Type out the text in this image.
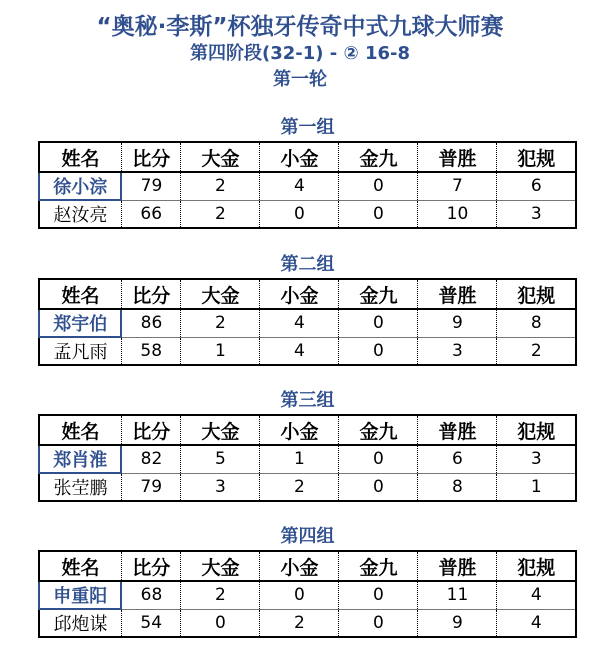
“奥秘·李斯”杯独牙传奇中式九球大师赛
第四阶段(32-1) - ② 16-8
第一轮
第一组
姓名	比分	大金	小金	金九	普胜	犯规
徐小淙	79	2	4	0	7	6
赵汝亮	66	2	0	0	10	3
第二组
姓名	比分	大金	小金	金九	普胜	犯规
郑宇伯	86	2	4	0	9	8
孟凡雨	58	1	4	0	3	2
第三组
姓名	比分	大金	小金	金九	普胜	犯规
郑肖淮	82	5	1	0	6	3
张茔鹏	79	3	2	0	8	1
第四组
姓名	比分	大金	小金	金九	普胜	犯规
申重阳	68	2	0	0	11	4
邱炮谋	54	0	2	0	9	4
